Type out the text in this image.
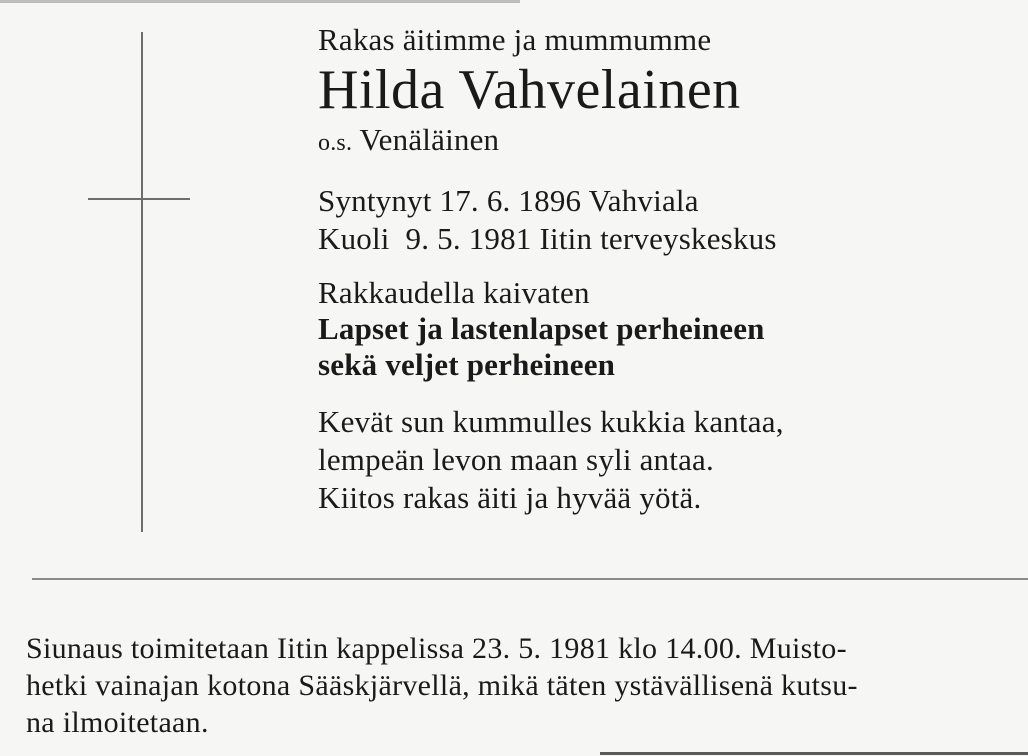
Rakas äitimme ja mummumme

Hilda Vahvelainen

o.s. Venäläinen

Syntynyt 17. 6. 1896 Vahviala

Kuoli 9. 5. 1981 Iitin terveyskeskus

Rakkaudella kaivaten

Lapset ja lastenlapset perheineen

sekä veljet perheineen

Kevät sun kummulles kukkia kantaa,

lempeän levon maan syli antaa.

Kiitos rakas äiti ja hyvää yötä.

Siunaus toimitetaan Iitin kappelissa 23. 5. 1981 klo 14.00. Muisto-

hetki vainajan kotona Sääskjärvellä, mikä täten ystävällisenä kutsu-

na ilmoitetaan.
